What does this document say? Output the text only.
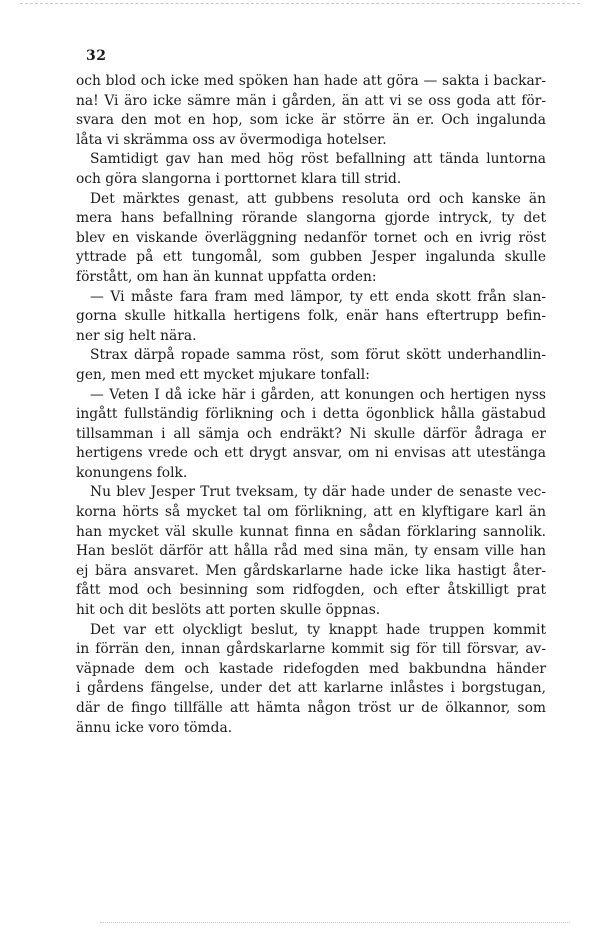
32
och blod och icke med spöken han hade att göra — sakta i backar-
na! Vi äro icke sämre män i gården, än att vi se oss goda att för-
svara den mot en hop, som icke är större än er. Och ingalunda
låta vi skrämma oss av övermodiga hotelser.
Samtidigt gav han med hög röst befallning att tända luntorna
och göra slangorna i porttornet klara till strid.
Det märktes genast, att gubbens resoluta ord och kanske än
mera hans befallning rörande slangorna gjorde intryck, ty det
blev en viskande överläggning nedanför tornet och en ivrig röst
yttrade på ett tungomål, som gubben Jesper ingalunda skulle
förstått, om han än kunnat uppfatta orden:
— Vi måste fara fram med lämpor, ty ett enda skott från slan-
gorna skulle hitkalla hertigens folk, enär hans eftertrupp befin-
ner sig helt nära.
Strax därpå ropade samma röst, som förut skött underhandlin-
gen, men med ett mycket mjukare tonfall:
— Veten I då icke här i gården, att konungen och hertigen nyss
ingått fullständig förlikning och i detta ögonblick hålla gästabud
tillsamman i all sämja och endräkt? Ni skulle därför ådraga er
hertigens vrede och ett drygt ansvar, om ni envisas att utestänga
konungens folk.
Nu blev Jesper Trut tveksam, ty där hade under de senaste vec-
korna hörts så mycket tal om förlikning, att en klyftigare karl än
han mycket väl skulle kunnat finna en sådan förklaring sannolik.
Han beslöt därför att hålla råd med sina män, ty ensam ville han
ej bära ansvaret. Men gårdskarlarne hade icke lika hastigt åter-
fått mod och besinning som ridfogden, och efter åtskilligt prat
hit och dit beslöts att porten skulle öppnas.
Det var ett olyckligt beslut, ty knappt hade truppen kommit
in förrän den, innan gårdskarlarne kommit sig för till försvar, av-
väpnade dem och kastade ridefogden med bakbundna händer
i gårdens fängelse, under det att karlarne inlåstes i borgstugan,
där de fingo tillfälle att hämta någon tröst ur de ölkannor, som
ännu icke voro tömda.
